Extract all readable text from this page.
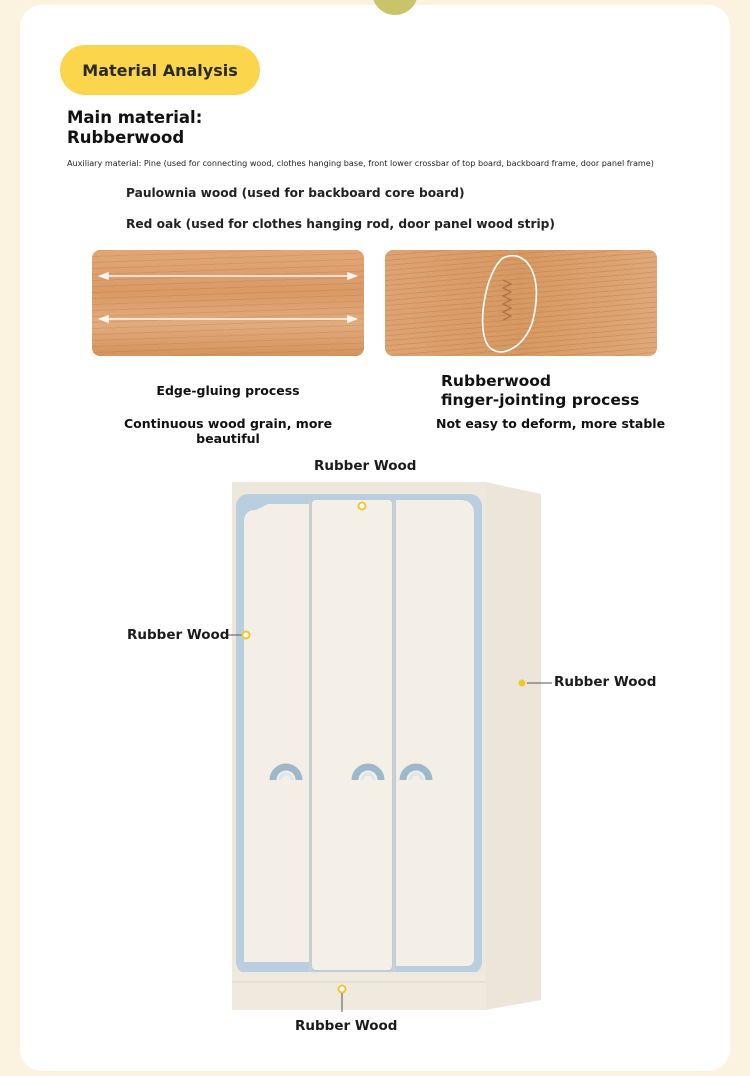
Material Analysis
Main material:
Rubberwood
Auxiliary material: Pine (used for connecting wood, clothes hanging base, front lower crossbar of top board, backboard frame, door panel frame)
Paulownia wood (used for backboard core board)
Red oak (used for clothes hanging rod, door panel wood strip)
Edge-gluing process
Continuous wood grain, more beautiful
Rubberwood
finger-jointing process
Not easy to deform, more stable
Rubber Wood
Rubber Wood
Rubber Wood
Rubber Wood
